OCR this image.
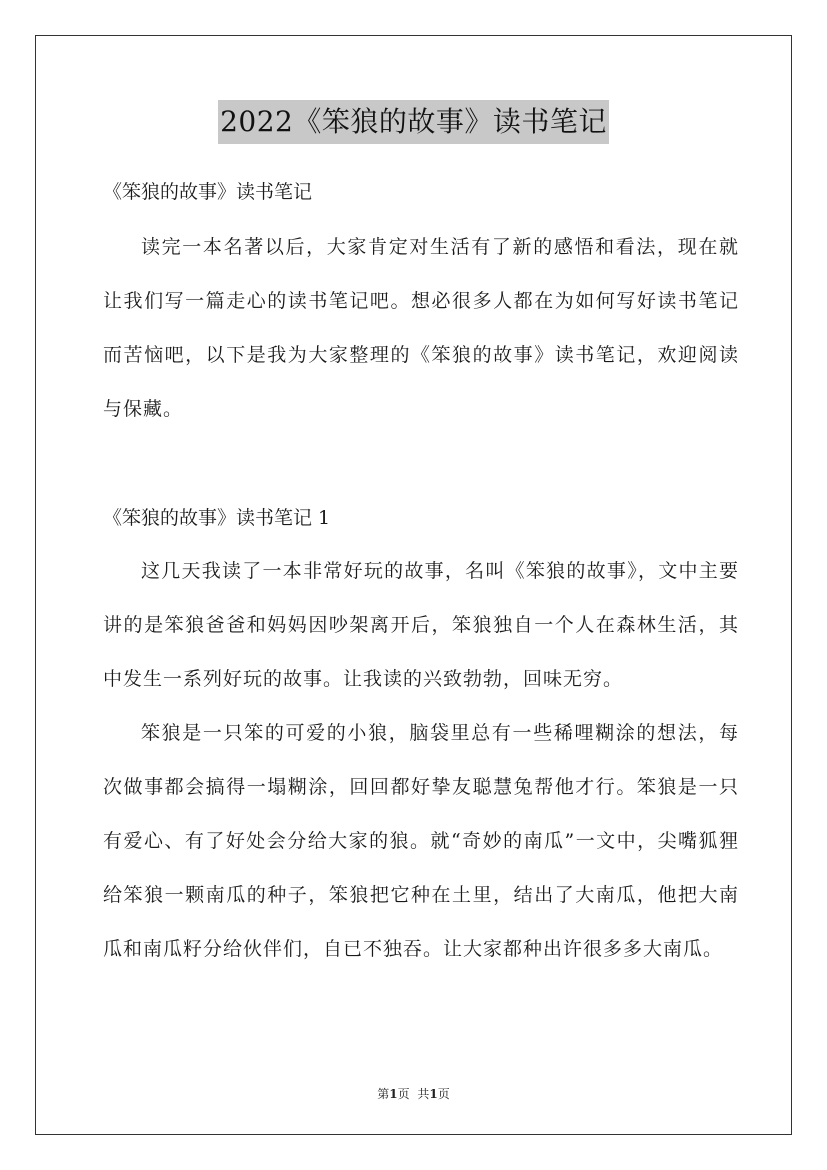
2022《笨狼的故事》读书笔记

《笨狼的故事》读书笔记

读完一本名著以后，大家肯定对生活有了新的感悟和看法，现在就让我们写一篇走心的读书笔记吧。想必很多人都在为如何写好读书笔记而苦恼吧，以下是我为大家整理的《笨狼的故事》读书笔记，欢迎阅读与保藏。

《笨狼的故事》读书笔记 1

这几天我读了一本非常好玩的故事，名叫《笨狼的故事》，文中主要讲的是笨狼爸爸和妈妈因吵架离开后，笨狼独自一个人在森林生活，其中发生一系列好玩的故事。让我读的兴致勃勃，回味无穷。

笨狼是一只笨的可爱的小狼，脑袋里总有一些稀哩糊涂的想法，每次做事都会搞得一塌糊涂，回回都好挚友聪慧兔帮他才行。笨狼是一只有爱心、有了好处会分给大家的狼。就“奇妙的南瓜”一文中，尖嘴狐狸给笨狼一颗南瓜的种子，笨狼把它种在土里，结出了大南瓜，他把大南瓜和南瓜籽分给伙伴们，自已不独吞。让大家都种出许很多多大南瓜。

第1页 共1页
